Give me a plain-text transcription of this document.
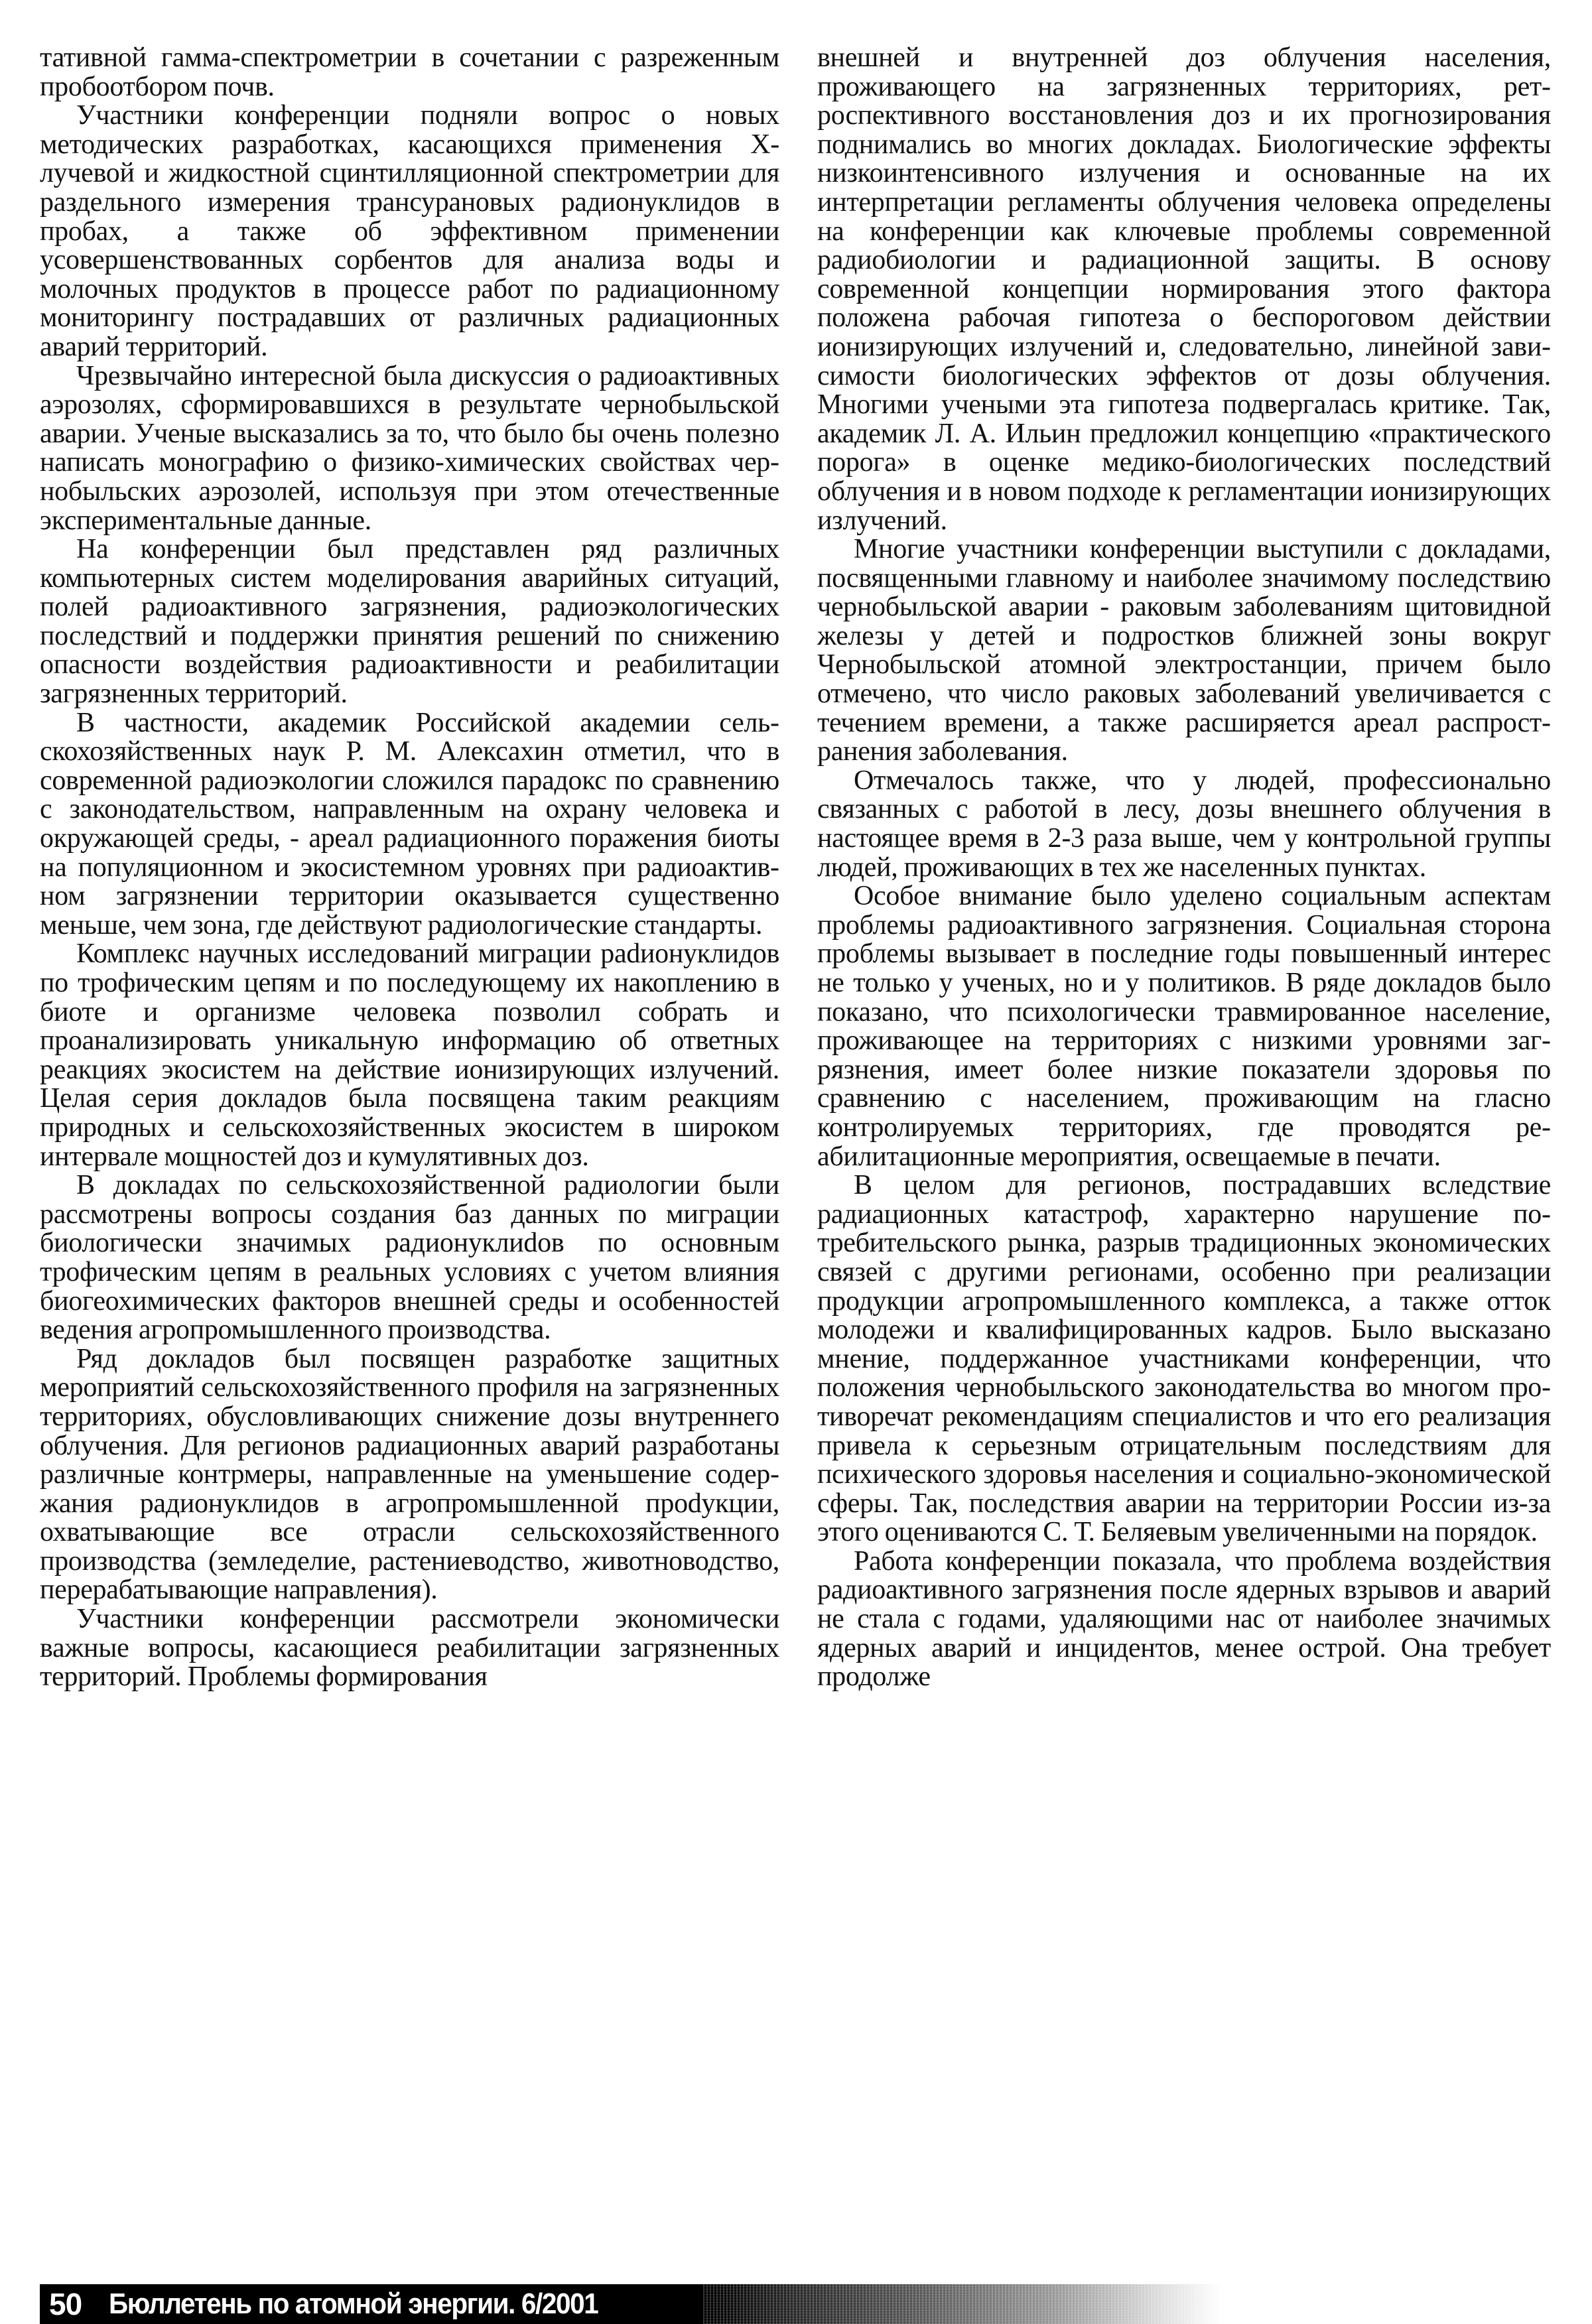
тативной гамма-спектрометрии в сочетании с разреженным пробоотбором почв.

Участники конференции подняли вопрос о новых методических разработках, касающихся применения Х-лучевой и жидкостной сцинтилляционной спектрометрии для раздельного измерения трансурановых радионуклидов в пробах, а также об эффективном применении усовершенствованных сорбентов для анализа воды и молочных продуктов в процессе работ по радиационному мониторингу пострадавших от различных радиационных аварий территорий.

Чрезвычайно интересной была дискуссия о радиоактивных аэрозолях, сформировавшихся в результате чернобыльской аварии. Ученые высказались за то, что было бы очень полезно написать монографию о физико-химических свойствах чернобыльских аэрозолей, используя при этом отечественные экспериментальные данные.

На конференции был представлен ряд различных компьютерных систем моделирования аварийных ситуаций, полей радиоактивного загрязнения, радиоэкологических последствий и поддержки принятия решений по снижению опасности воздействия радиоактивности и реабилитации загрязненных территорий.

В частности, академик Российской академии сельскохозяйственных наук Р. М. Алексахин отметил, что в современной радиоэкологии сложился парадокс по сравнению с законодательством, направленным на охрану человека и окружающей среды, - ареал радиационного поражения биоты на популяционном и экосистемном уровнях при радиоактивном загрязнении территории оказывается существенно меньше, чем зона, где действуют радиологические стандарты.

Комплекс научных исследований миграции раdионуклидов по трофическим цепям и по последующему их накоплению в биоте и организме человека позволил собрать и проанализировать уникальную информацию об ответных реакциях экосистем на действие ионизирующих излучений. Целая серия докладов была посвящена таким реакциям природных и сельскохозяйственных экосистем в широком интервале мощностей доз и кумулятивных доз.

В докладах по сельскохозяйственной радиологии были рассмотрены вопросы создания баз данных по миграции биологически значимых радионуклиdов по основным трофическим цепям в реальных условиях с учетом влияния биогеохимических факторов внешней среды и особенностей ведения агропромышленного производства.

Ряд докладов был посвящен разработке защитных мероприятий сельскохозяйственного профиля на загрязненных территориях, обусловливающих снижение дозы внутреннего облучения. Для регионов радиационных аварий разработаны различные контрмеры, направленные на уменьшение содержания радионуклидов в агропромышленной проdукции, охватывающие все отрасли сельскохозяйственного производства (земледелие, растениеводство, животноводство, перерабатывающие направления).

Участники конференции рассмотрели экономически важные вопросы, касающиеся реабилитации загрязненных территорий. Проблемы формирования

внешней и внутренней доз облучения населения, проживающего на загрязненных территориях, ретроспективного восстановления доз и их прогнозирования поднимались во многих докладах. Биологические эффекты низкоинтенсивного излучения и основанные на их интерпретации регламенты облучения человека определены на конференции как ключевые проблемы современной радиобиологии и радиационной защиты. В основу современной концепции нормирования этого фактора положена рабочая гипотеза о беспороговом действии ионизирующих излучений и, следовательно, линейной зависимости биологических эффектов от дозы облучения. Многими учеными эта гипотеза подвергалась критике. Так, академик Л. А. Ильин предложил концепцию «практического порога» в оценке медико-биологических последствий облучения и в новом подходе к регламентации ионизирующих излучений.

Многие участники конференции выступили с докладами, посвященными главному и наиболее значимому последствию чернобыльской аварии - раковым заболеваниям щитовидной железы у детей и подростков ближней зоны вокруг Чернобыльской атомной электростанции, причем было отмечено, что число раковых заболеваний увеличивается с течением времени, а также расширяется ареал распространения заболевания.

Отмечалось также, что у людей, профессионально связанных с работой в лесу, дозы внешнего облучения в настоящее время в 2-3 раза выше, чем у контрольной группы людей, проживающих в тех же населенных пунктах.

Особое внимание было уделено социальным аспектам проблемы радиоактивного загрязнения. Социальная сторона проблемы вызывает в последние годы повышенный интерес не только у ученых, но и у политиков. В ряде докладов было показано, что психологически травмированное население, проживающее на территориях с низкими уровнями загрязнения, имеет более низкие показатели здоровья по сравнению с населением, проживающим на гласно контролируемых территориях, где проводятся реабилитационные мероприятия, освещаемые в печати.

В целом для регионов, пострадавших вследствие радиационных катастроф, характерно нарушение потребительского рынка, разрыв традиционных экономических связей с другими регионами, особенно при реализации продукции агропромышленного комплекса, а также отток молодежи и квалифицированных кадров. Было высказано мнение, поддержанное участниками конференции, что положения чернобыльского законодательства во многом противоречат рекомендациям специалистов и что его реализация привела к серьезным отрицательным последствиям для психического здоровья населения и социально-экономической сферы. Так, последствия аварии на территории России из-за этого оцениваются С. Т. Беляевым увеличенными на порядок.

Работа конференции показала, что проблема воздействия радиоактивного загрязнения после ядерных взрывов и аварий не стала с годами, удаляющими нас от наиболее значимых ядерных аварий и инцидентов, менее острой. Она требует продолже

50 Бюллетень по атомной энергии. 6/2001
